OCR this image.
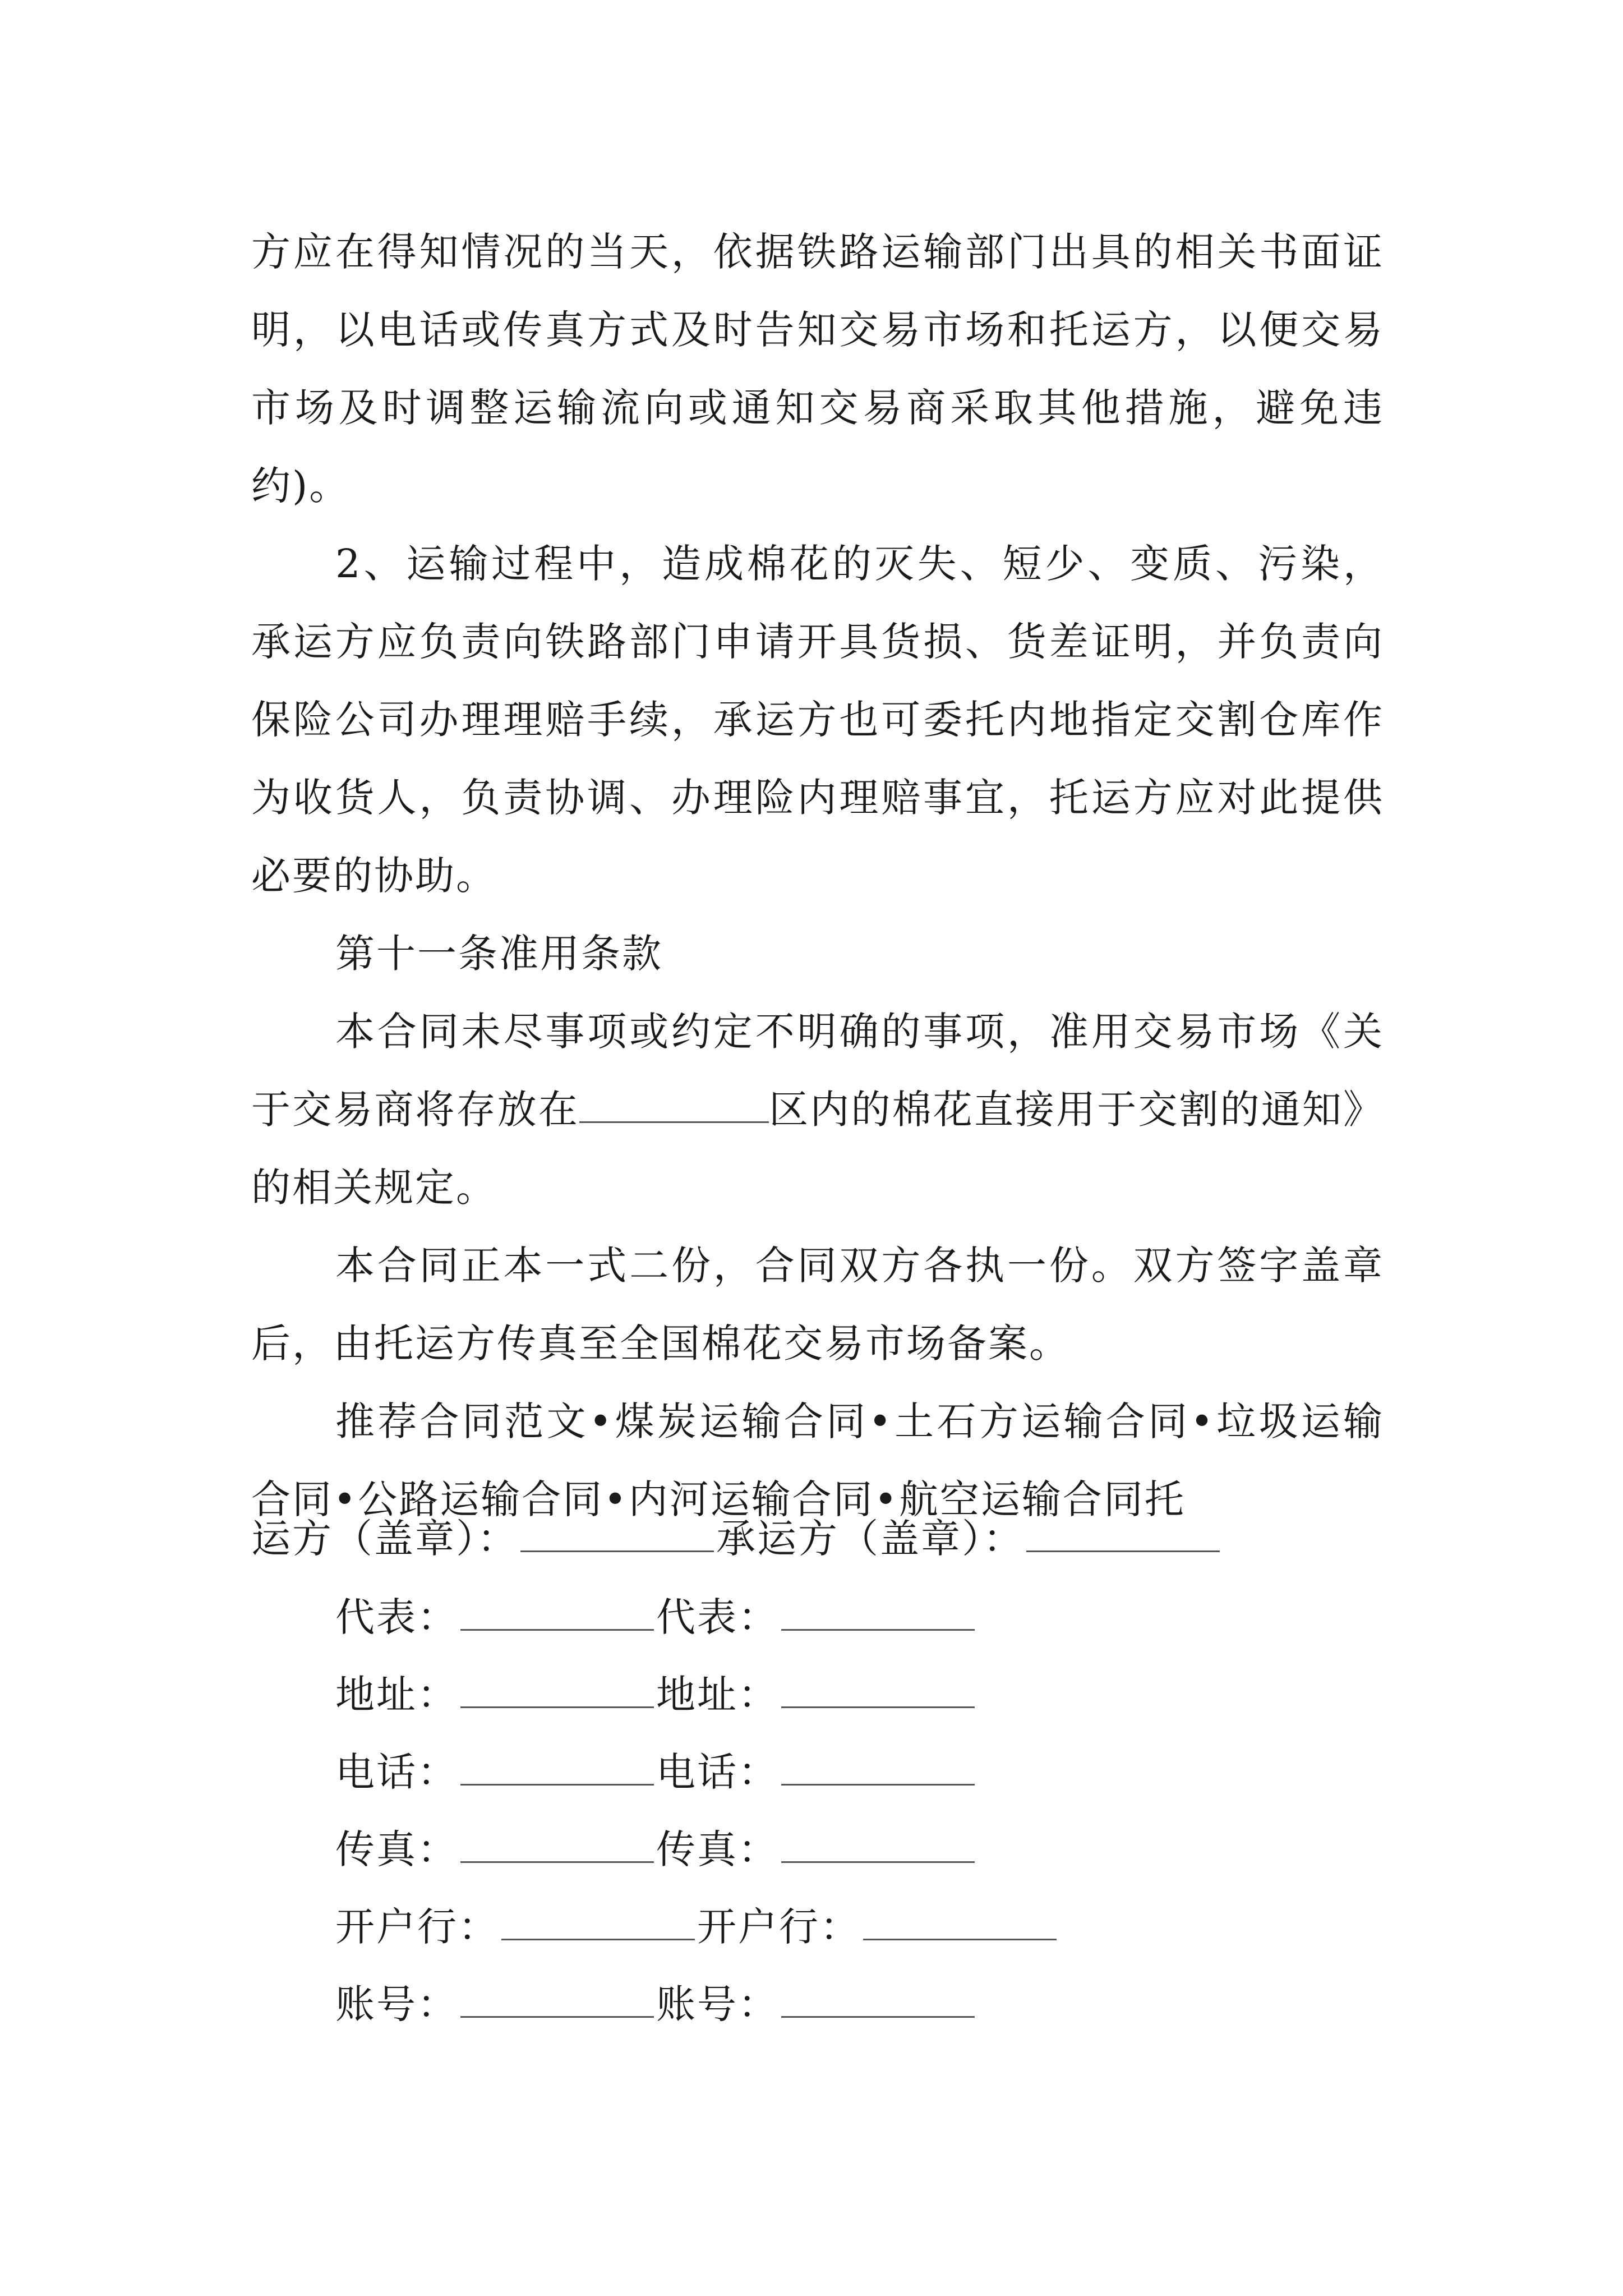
方应在得知情况的当天，依据铁路运输部门出具的相关书面证明，以电话或传真方式及时告知交易市场和托运方，以便交易市场及时调整运输流向或通知交易商采取其他措施，避免违约)。

2、运输过程中，造成棉花的灭失、短少、变质、污染，承运方应负责向铁路部门申请开具货损、货差证明，并负责向保险公司办理理赔手续，承运方也可委托内地指定交割仓库作为收货人，负责协调、办理险内理赔事宜，托运方应对此提供必要的协助。

第十一条准用条款

本合同未尽事项或约定不明确的事项，准用交易市场《关于交易商将存放在	区内的棉花直接用于交割的通知》的相关规定。

本合同正本一式二份，合同双方各执一份。双方签字盖章后，由托运方传真至全国棉花交易市场备案。

推荐合同范文•煤炭运输合同•土石方运输合同•垃圾运输合同•公路运输合同•内河运输合同•航空运输合同托

运方（盖章）：	承运方（盖章）：
代表：	代表：
地址：	地址：
电话：	电话：
传真：	传真：
开户行：	开户行：
账号：	账号：
